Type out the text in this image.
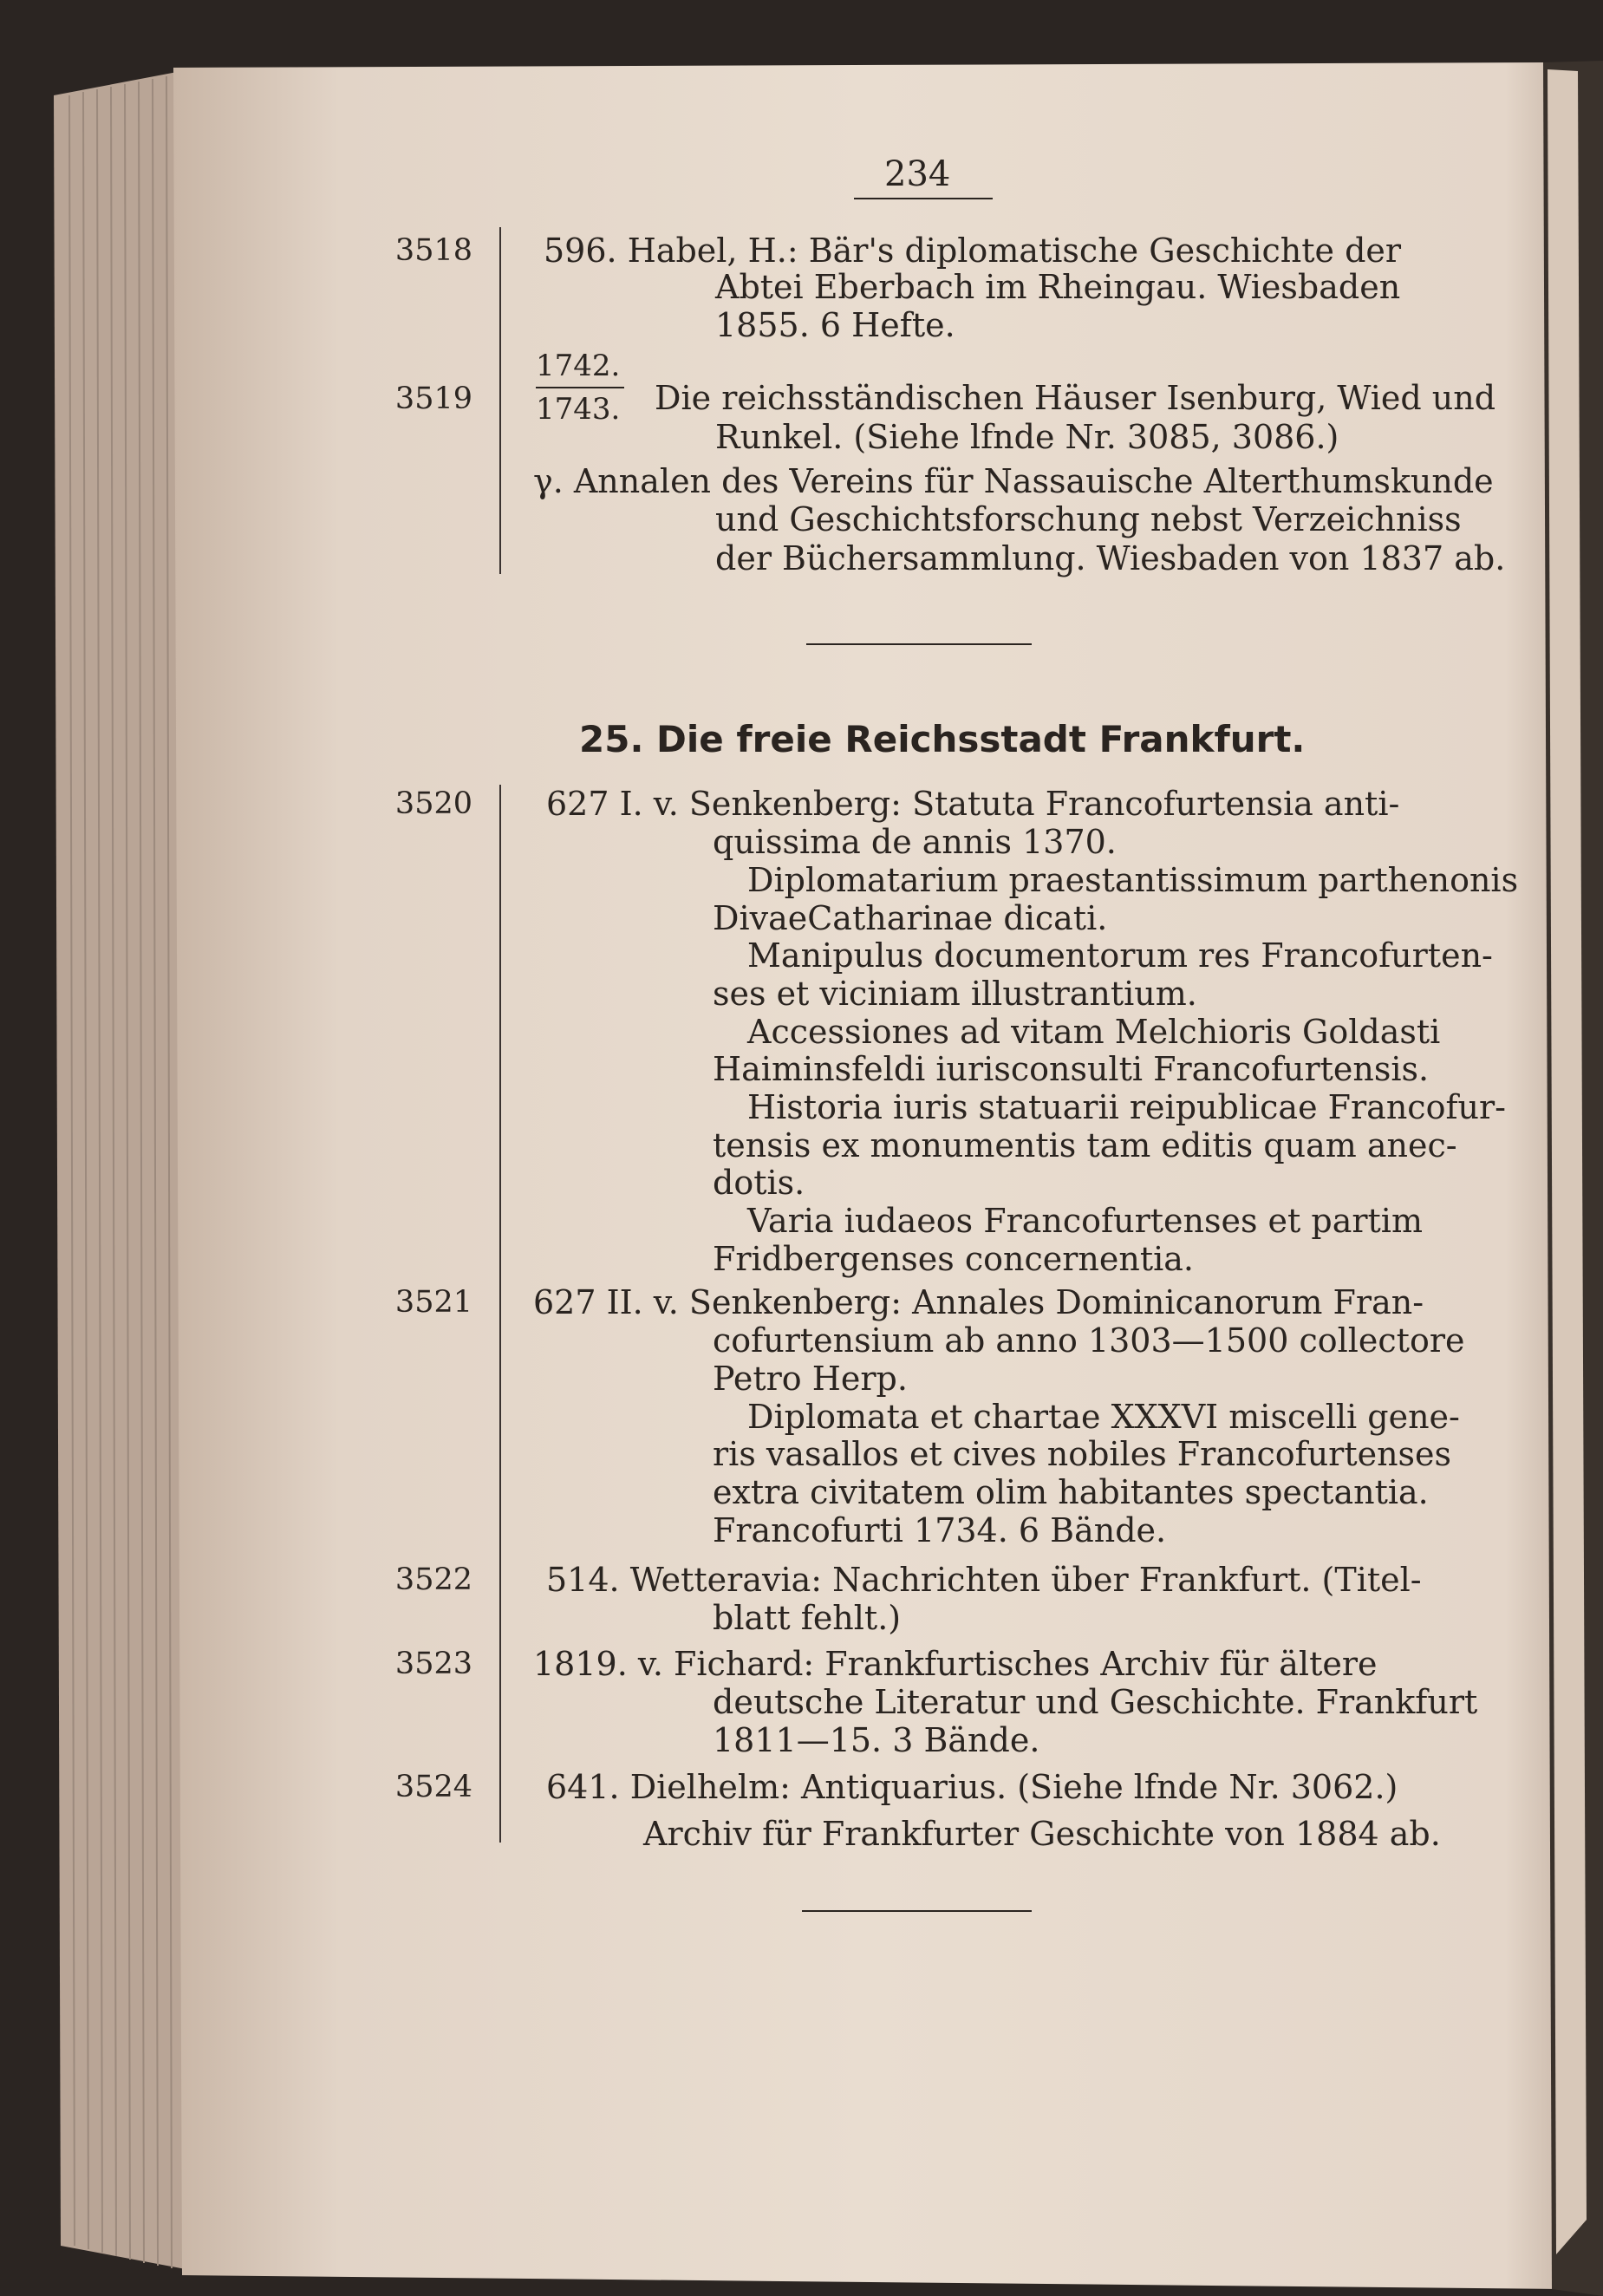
234
3518 596. Habel, H.: Bär's diplomatische Geschichte der
Abtei Eberbach im Rheingau. Wiesbaden
1855. 6 Hefte.
3519
1742.
1743. Die reichsständischen Häuser Isenburg, Wied und
Runkel. (Siehe lfnde Nr. 3085, 3086.)
γ. Annalen des Vereins für Nassauische Alterthumskunde
und Geschichtsforschung nebst Verzeichniss
der Büchersammlung. Wiesbaden von 1837 ab.
25. Die freie Reichsstadt Frankfurt.
3520 627 I. v. Senkenberg: Statuta Francofurtensia anti-
quissima de annis 1370.
Diplomatarium praestantissimum parthenonis
DivaeCatharinae dicati.
Manipulus documentorum res Francofurten-
ses et viciniam illustrantium.
Accessiones ad vitam Melchioris Goldasti
Haiminsfeldi iurisconsulti Francofurtensis.
Historia iuris statuarii reipublicae Francofur-
tensis ex monumentis tam editis quam anec-
dotis.
Varia iudaeos Francofurtenses et partim
Fridbergenses concernentia.
3521 627 II. v. Senkenberg: Annales Dominicanorum Fran-
cofurtensium ab anno 1303—1500 collectore
Petro Herp.
Diplomata et chartae XXXVI miscelli gene-
ris vasallos et cives nobiles Francofurtenses
extra civitatem olim habitantes spectantia.
Francofurti 1734. 6 Bände.
3522 514. Wetteravia: Nachrichten über Frankfurt. (Titel-
blatt fehlt.)
3523 1819. v. Fichard: Frankfurtisches Archiv für ältere
deutsche Literatur und Geschichte. Frankfurt
1811—15. 3 Bände.
3524 641. Dielhelm: Antiquarius. (Siehe lfnde Nr. 3062.)
Archiv für Frankfurter Geschichte von 1884 ab.
